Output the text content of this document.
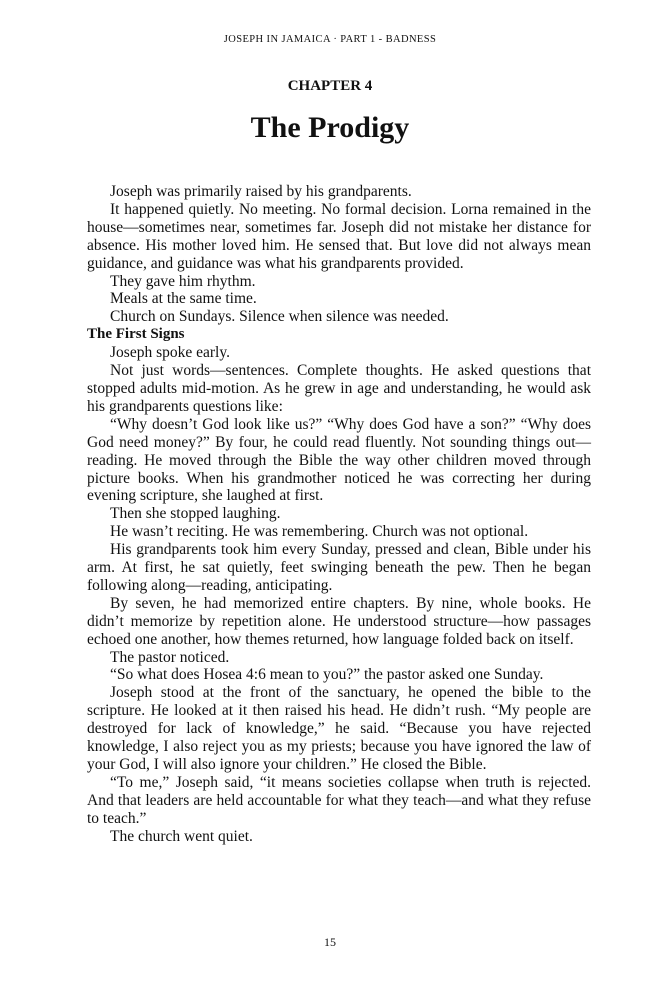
JOSEPH IN JAMAICA · PART 1 - BADNESS
CHAPTER 4
The Prodigy

Joseph was primarily raised by his grandparents.

It happened quietly. No meeting. No formal decision. Lorna remained in the house—sometimes near, sometimes far. Joseph did not mistake her distance for absence. His mother loved him. He sensed that. But love did not always mean guidance, and guidance was what his grandparents provided.

They gave him rhythm.

Meals at the same time.

Church on Sundays. Silence when silence was needed.

The First Signs

Joseph spoke early.

Not just words—sentences. Complete thoughts. He asked questions that stopped adults mid-motion. As he grew in age and understanding, he would ask his grandparents questions like:

“Why doesn’t God look like us?” “Why does God have a son?” “Why does God need money?” By four, he could read fluently. Not sounding things out—reading. He moved through the Bible the way other children moved through picture books. When his grandmother noticed he was correcting her during evening scripture, she laughed at first.

Then she stopped laughing.

He wasn’t reciting. He was remembering. Church was not optional.

His grandparents took him every Sunday, pressed and clean, Bible under his arm. At first, he sat quietly, feet swinging beneath the pew. Then he began following along—reading, anticipating.

By seven, he had memorized entire chapters. By nine, whole books. He didn’t memorize by repetition alone. He understood structure—how passages echoed one another, how themes returned, how language folded back on itself.

The pastor noticed.

“So what does Hosea 4:6 mean to you?” the pastor asked one Sunday.

Joseph stood at the front of the sanctuary, he opened the bible to the scripture. He looked at it then raised his head. He didn’t rush. “My people are destroyed for lack of knowledge,” he said. “Because you have rejected knowledge, I also reject you as my priests; because you have ignored the law of your God, I will also ignore your children.” He closed the Bible.

“To me,” Joseph said, “it means societies collapse when truth is rejected. And that leaders are held accountable for what they teach—and what they refuse to teach.”

The church went quiet.

15
